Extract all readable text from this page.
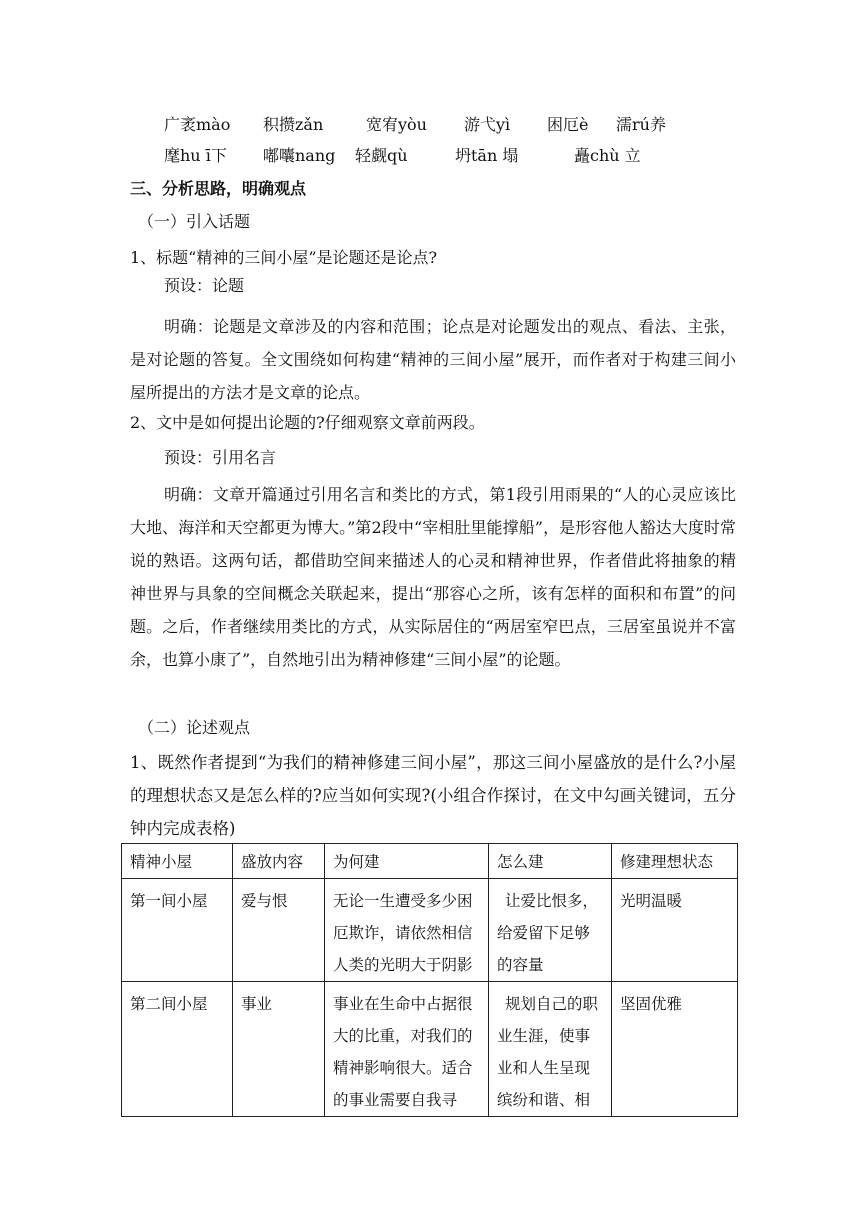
广袤mào 积攒zǎn	宽宥yòu 游弋yì 困厄è 濡rú养
麾hu ī下 嘟囔nang 轻觑qù	坍tān 塌	矗chù 立
三、分析思路，明确观点
（一）引入话题
1、标题“精神的三间小屋”是论题还是论点?
预设：论题
明确：论题是文章涉及的内容和范围；论点是对论题发出的观点、看法、主张，是对论题的答复。全文围绕如何构建“精神的三间小屋”展开，而作者对于构建三间小屋所提出的方法才是文章的论点。
2、文中是如何提出论题的?仔细观察文章前两段。
预设：引用名言
明确：文章开篇通过引用名言和类比的方式，第1段引用雨果的“人的心灵应该比大地、海洋和天空都更为博大。”第2段中“宰相肚里能撑船”，是形容他人豁达大度时常说的熟语。这两句话，都借助空间来描述人的心灵和精神世界，作者借此将抽象的精神世界与具象的空间概念关联起来，提出“那容心之所，该有怎样的面积和布置”的问题。之后，作者继续用类比的方式，从实际居住的“两居室窄巴点，三居室虽说并不富余，也算小康了”，自然地引出为精神修建“三间小屋”的论题。
（二）论述观点
1、既然作者提到“为我们的精神修建三间小屋”，那这三间小屋盛放的是什么?小屋的理想状态又是怎么样的?应当如何实现?(小组合作探讨，在文中勾画关键词，五分钟内完成表格)
精神小屋	盛放内容	为何建	怎么建	修建理想状态
第一间小屋	爱与恨	无论一生遭受多少困厄欺诈，请依然相信人类的光明大于阴影	让爱比恨多，给爱留下足够的容量	光明温暖
第二间小屋	事业	事业在生命中占据很大的比重，对我们的精神影响很大。适合的事业需要自我寻	规划自己的职业生涯，使事业和人生呈现缤纷和谐、相	坚固优雅
